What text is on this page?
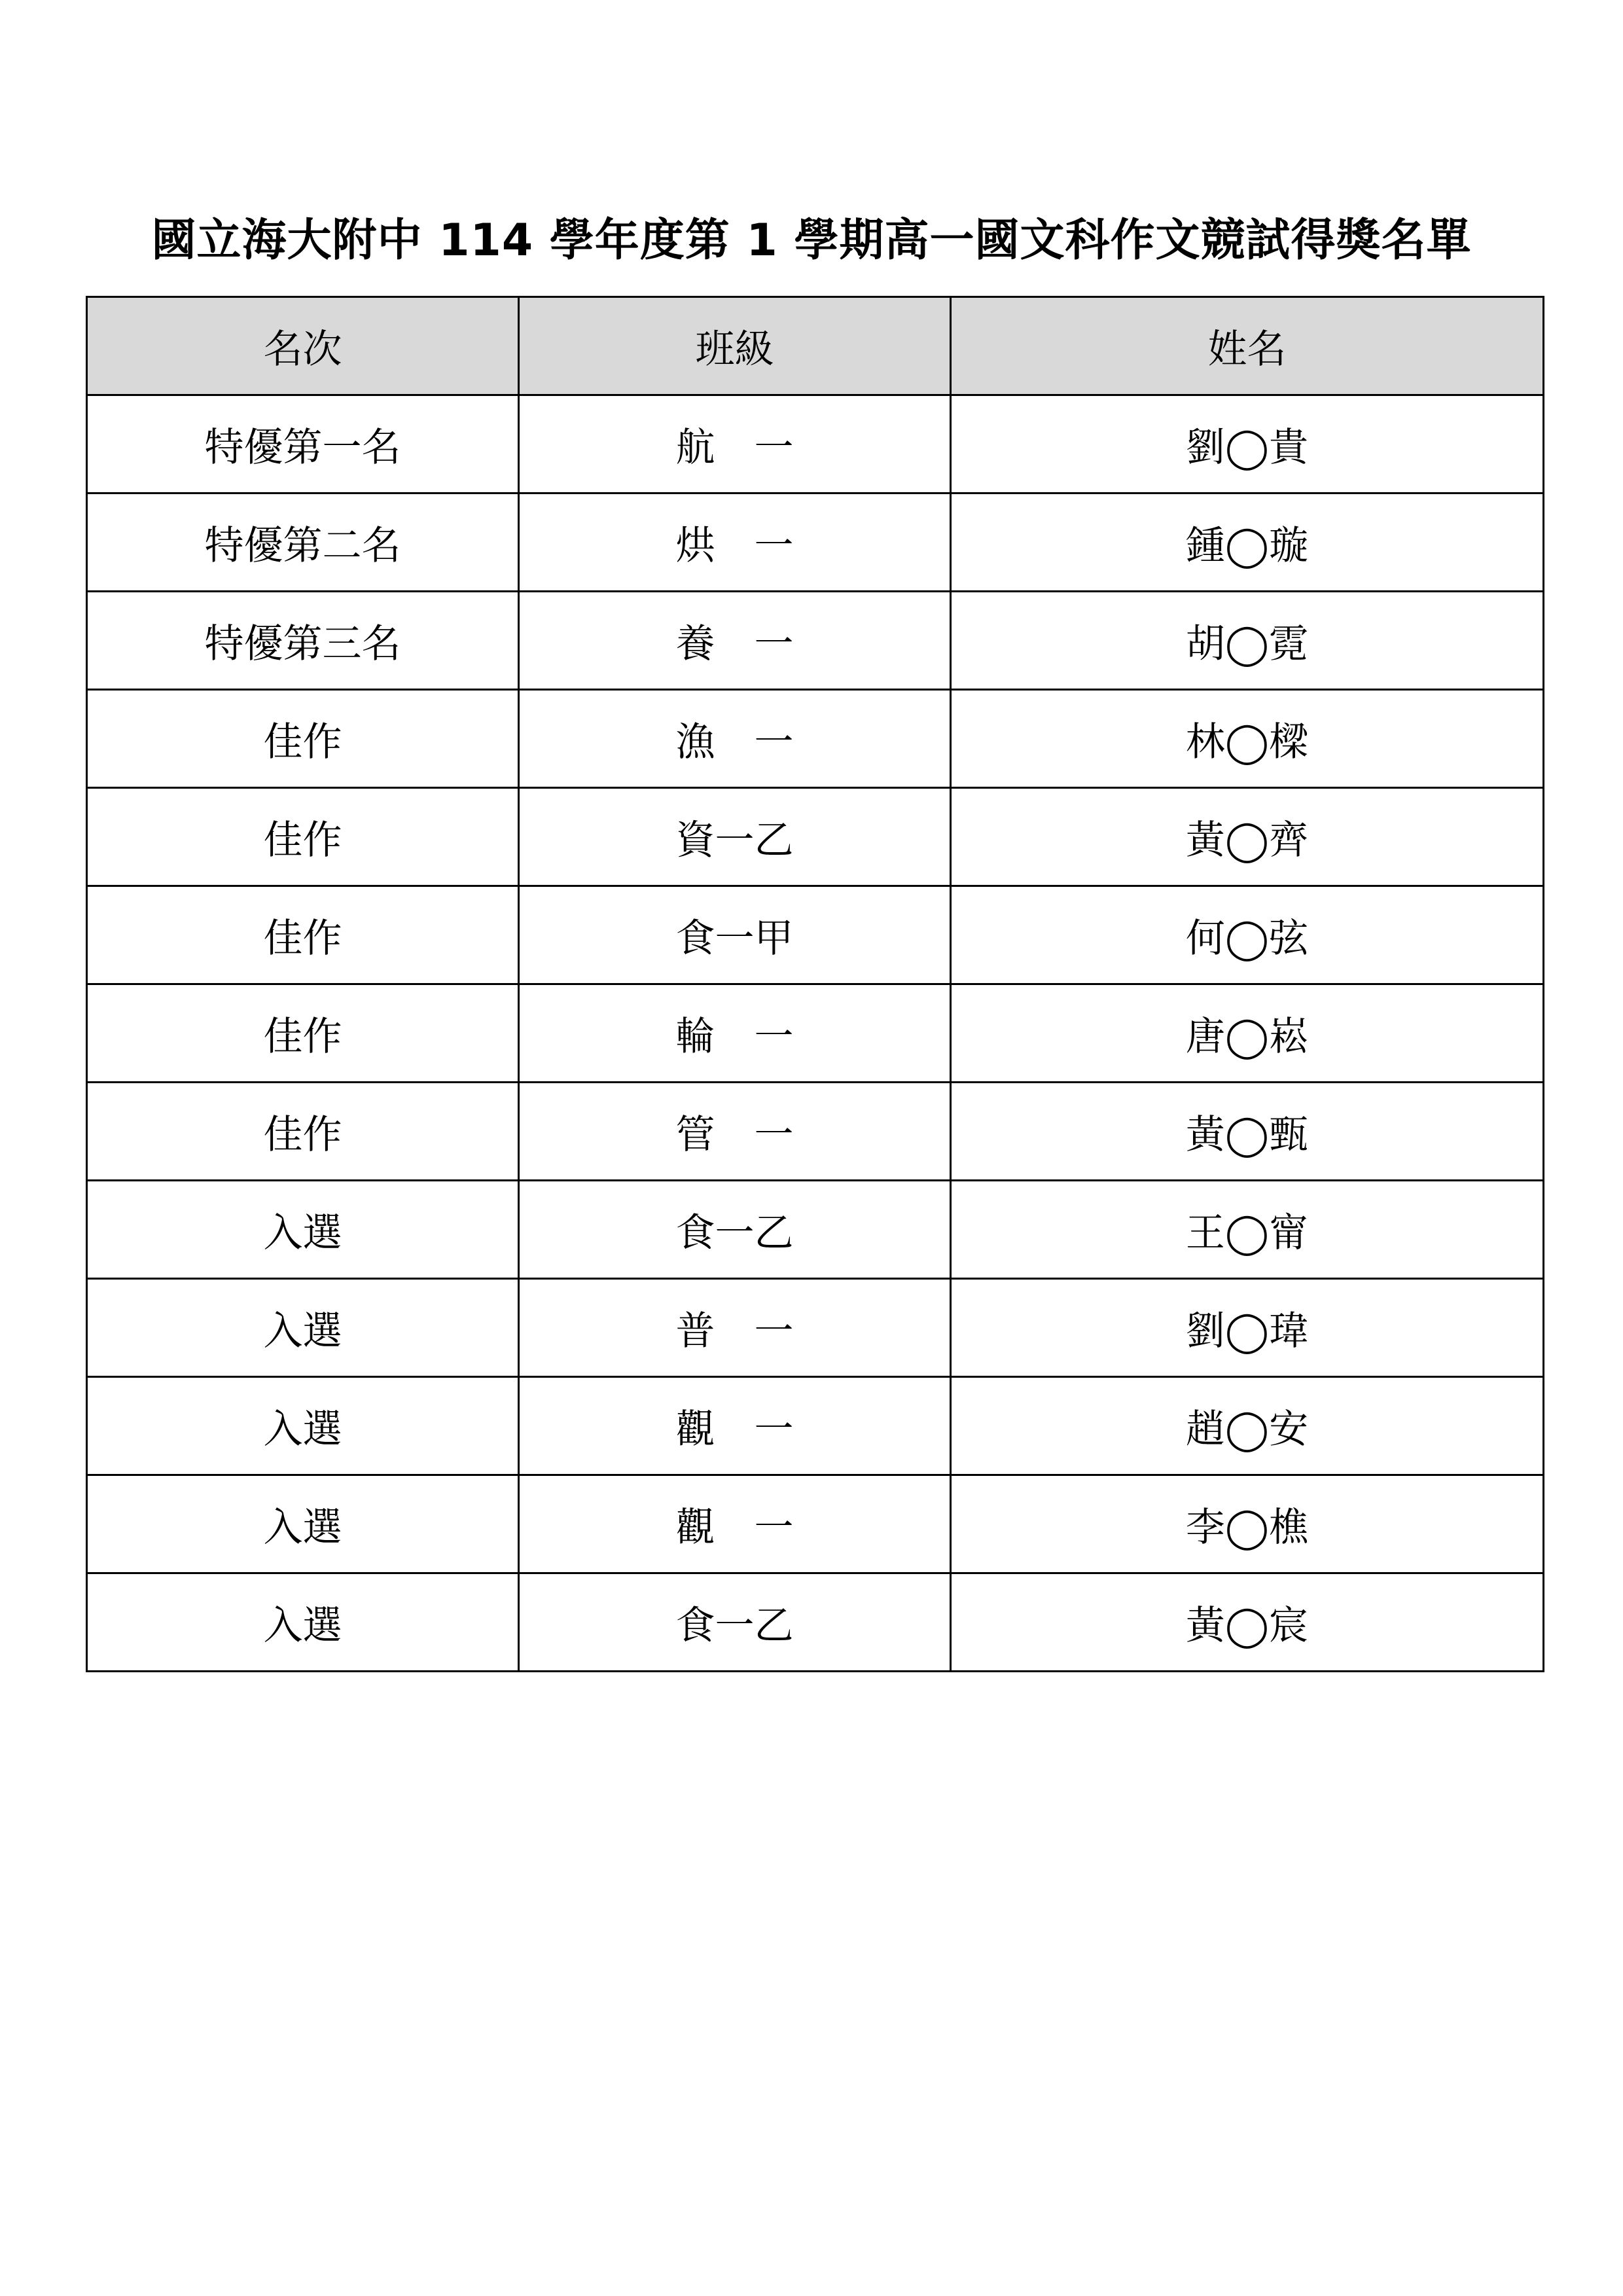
國立海大附中 114 學年度第 1 學期高一國文科作文競試得獎名單
名次	班級	姓名
特優第一名	航　一	劉◯貴
特優第二名	烘　一	鍾◯璇
特優第三名	養　一	胡◯霓
佳作	漁　一	林◯樑
佳作	資一乙	黃◯齊
佳作	食一甲	何◯弦
佳作	輪　一	唐◯崧
佳作	管　一	黃◯甄
入選	食一乙	王◯甯
入選	普　一	劉◯瑋
入選	觀　一	趙◯安
入選	觀　一	李◯樵
入選	食一乙	黃◯宸
